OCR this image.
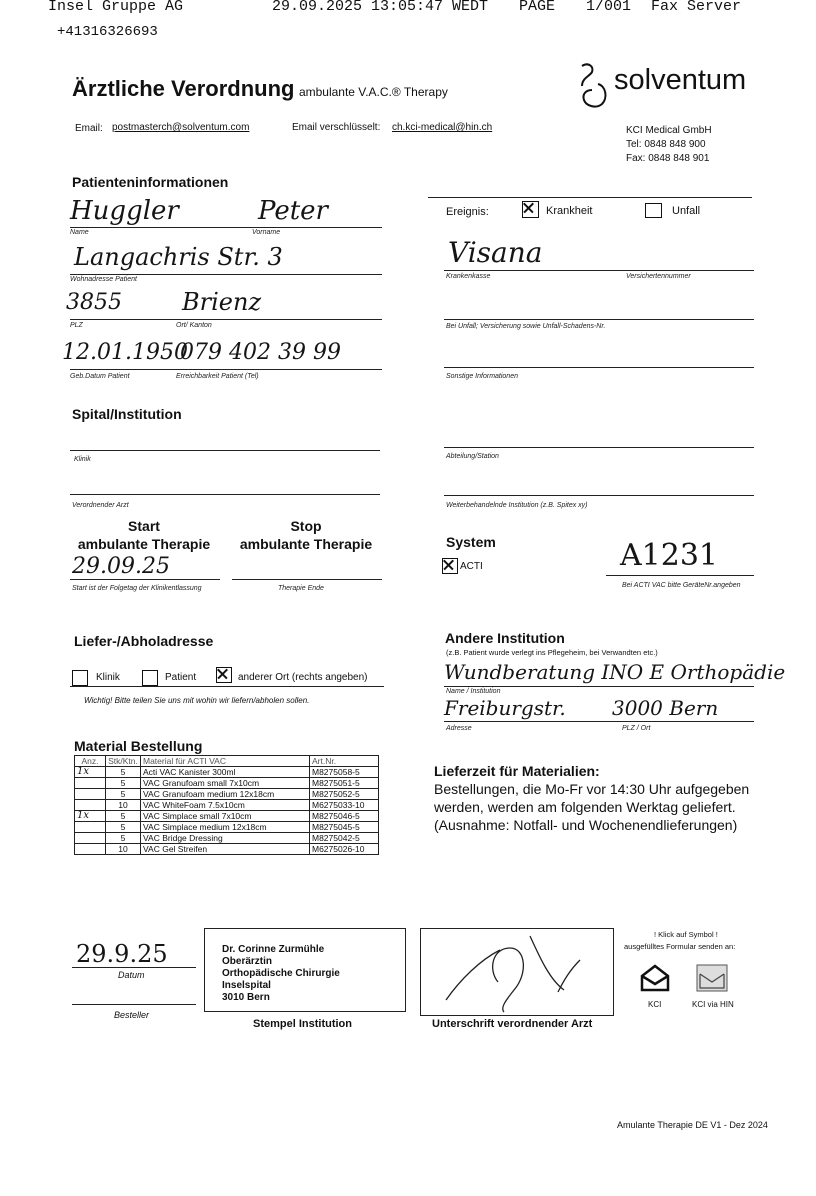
Insel Gruppe AG	29.09.2025 13:05:47 WEDT PAGE 1/001 Fax Server
+41316326693
Ärztliche Verordnung ambulante V.A.C.® Therapy	solventum
Email: postmasterch@solventum.com	Email verschlüsselt: ch.kci-medical@hin.ch	KCI Medical GmbH
Tel: 0848 848 900
Fax: 0848 848 901
Patienteninformationen
Huggler	Peter
Name	Vorname
Langachris Str. 3
Wohnadresse Patient
3855	Brienz
PLZ	Ort/ Kanton
12.01.1950
079 402 39 99
Geb.Datum Patient	Erreichbarkeit Patient (Tel)
Ereignis:	Krankheit	Unfall
Visana
Krankenkasse	Versichertennummer
Bei Unfall; Versicherung sowie Unfall-Schadens-Nr.
Sonstige Informationen
Spital/Institution
Klinik	Abteilung/Station
Verordnender Arzt	Weiterbehandelnde Institution (z.B. Spitex xy)
Start
ambulante Therapie
Stop
ambulante Therapie
29.09.25
Start ist der Folgetag der Klinikentlassung	Therapie Ende
System
ACTI	A1231
Bei ACTI VAC bitte GeräteNr.angeben
Liefer-/Abholadresse
Klinik	Patient	anderer Ort (rechts angeben)
Wichtig! Bitte teilen Sie uns mit wohin wir liefern/abholen sollen.
Andere Institution
(z.B. Patient wurde verlegt ins Pflegeheim, bei Verwandten etc.)
Wundberatung INO E Orthopädie
Name / Institution
Freiburgstr. 3000 Bern
Adresse	PLZ / Ort
Material Bestellung
Anz.	Stk/Ktn.	Material für ACTI VAC	Art.Nr.
1x	5	Acti VAC Kanister 300ml	M8275058-5
	5	VAC Granufoam small 7x10cm	M8275051-5
	5	VAC Granufoam medium 12x18cm	M8275052-5
	10	VAC WhiteFoam 7.5x10cm	M6275033-10
1x	5	VAC Simplace small 7x10cm	M8275046-5
	5	VAC Simplace medium 12x18cm	M8275045-5
	5	VAC Bridge Dressing	M8275042-5
	10	VAC Gel Streifen	M6275026-10
Lieferzeit für Materialien:
Bestellungen, die Mo-Fr vor 14:30 Uhr aufgegeben
werden, werden am folgenden Werktag geliefert.
(Ausnahme: Notfall- und Wochenendlieferungen)
29.9.25
Datum
Besteller
Dr. Corinne Zurmühle
Oberärztin
Orthopädische Chirurgie
Inselspital
3010 Bern
Stempel Institution	Unterschrift verordnender Arzt
! Klick auf Symbol !
ausgefülltes Formular senden an:
KCI	KCI via HIN
Amulante Therapie DE V1 - Dez 2024
